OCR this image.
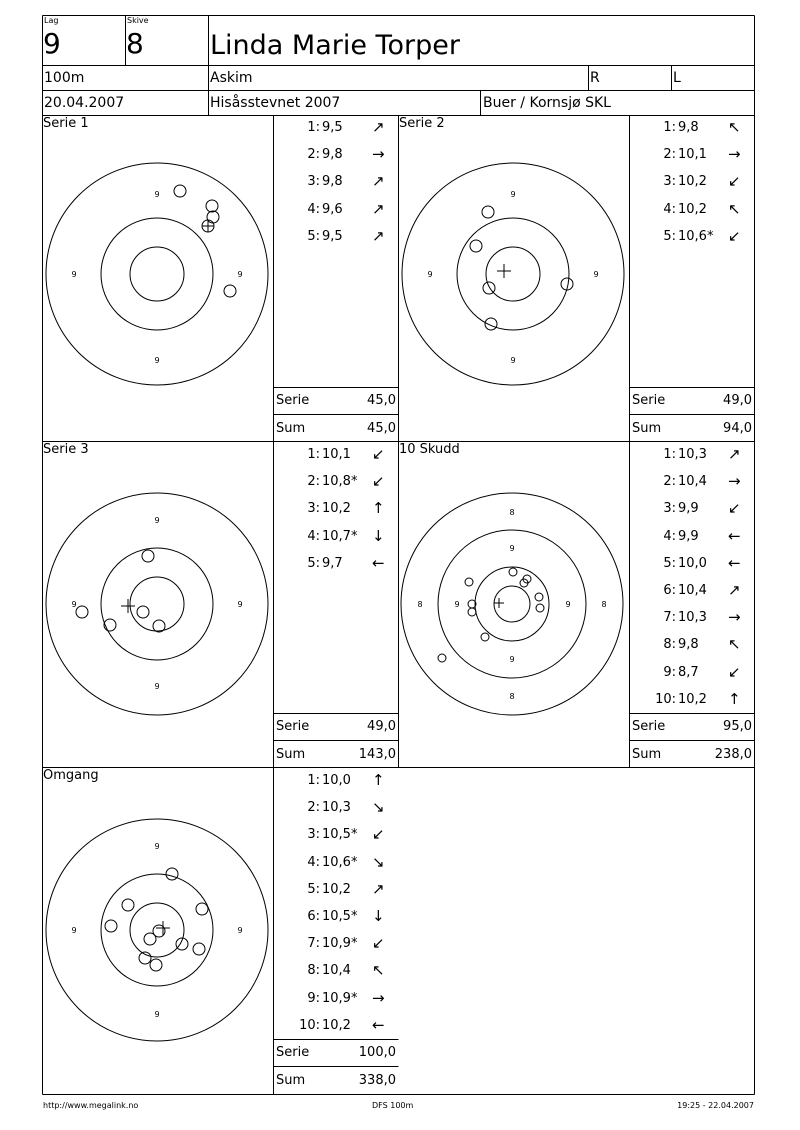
Lag
9
Skive
8 Linda Marie Torper
100m	Askim	R	L
20.04.2007	Hisåsstevnet 2007	Buer / Kornsjø SKL
Serie 1	Serie 2
Serie 3	10 Skudd
Omgang
9
9	9
9
9
9	9
9
9
9	9
9
8
8	8
8
9
9	9
9
9
9	9
9
1: 9,5	↗
2: 9,8	→
3: 9,8	↗
4: 9,6	↗
5: 9,5	↗
1: 9,8	↖
2: 10,1	→
3: 10,2	↙
4: 10,2	↖
5: 10,6* ↙
1: 10,1	↙
2: 10,8* ↙
3: 10,2	↑
4: 10,7* ↓
5: 9,7	←
1: 10,3	↗
2: 10,4	→
3: 9,9	↙
4: 9,9	←
5: 10,0	←
6: 10,4	↗
7: 10,3	→
8: 9,8	↖
9: 8,7	↙
10: 10,2	↑
1: 10,0	↑
2: 10,3	↘
3: 10,5* ↙
4: 10,6* ↘
5: 10,2	↗
6: 10,5* ↓
7: 10,9* ↙
8: 10,4	↖
9: 10,9* →
10: 10,2	←
Serie	45,0
Sum	45,0
Serie	49,0
Sum	94,0
Serie	49,0
Sum	143,0
Serie	95,0
Sum	238,0
Serie	100,0
Sum	338,0
http://www.megalink.no	DFS 100m	19:25 - 22.04.2007
